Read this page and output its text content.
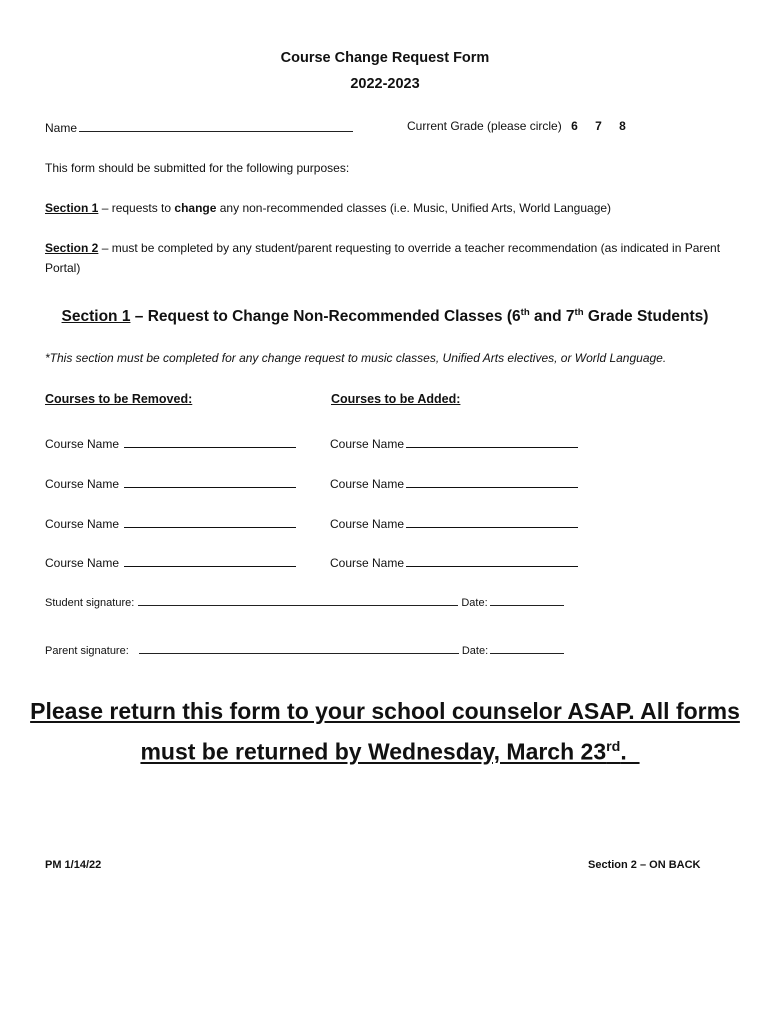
Course Change Request Form
2022-2023
Name	Current Grade (please circle) 6 7 8
This form should be submitted for the following purposes:
Section 1 – requests to change any non-recommended classes (i.e. Music, Unified Arts, World Language)
Section 2 – must be completed by any student/parent requesting to override a teacher recommendation (as indicated in Parent Portal)
Section 1 – Request to Change Non-Recommended Classes (6th and 7th Grade Students)
*This section must be completed for any change request to music classes, Unified Arts electives, or World Language.
Courses to be Removed:	Courses to be Added:
Course Name	Course Name
Course Name	Course Name
Course Name	Course Name
Course Name	Course Name
Student signature:	Date:
Parent signature:	Date:
Please return this form to your school counselor ASAP. All forms
must be returned by Wednesday, March 23rd.
PM 1/14/22	Section 2 – ON BACK
